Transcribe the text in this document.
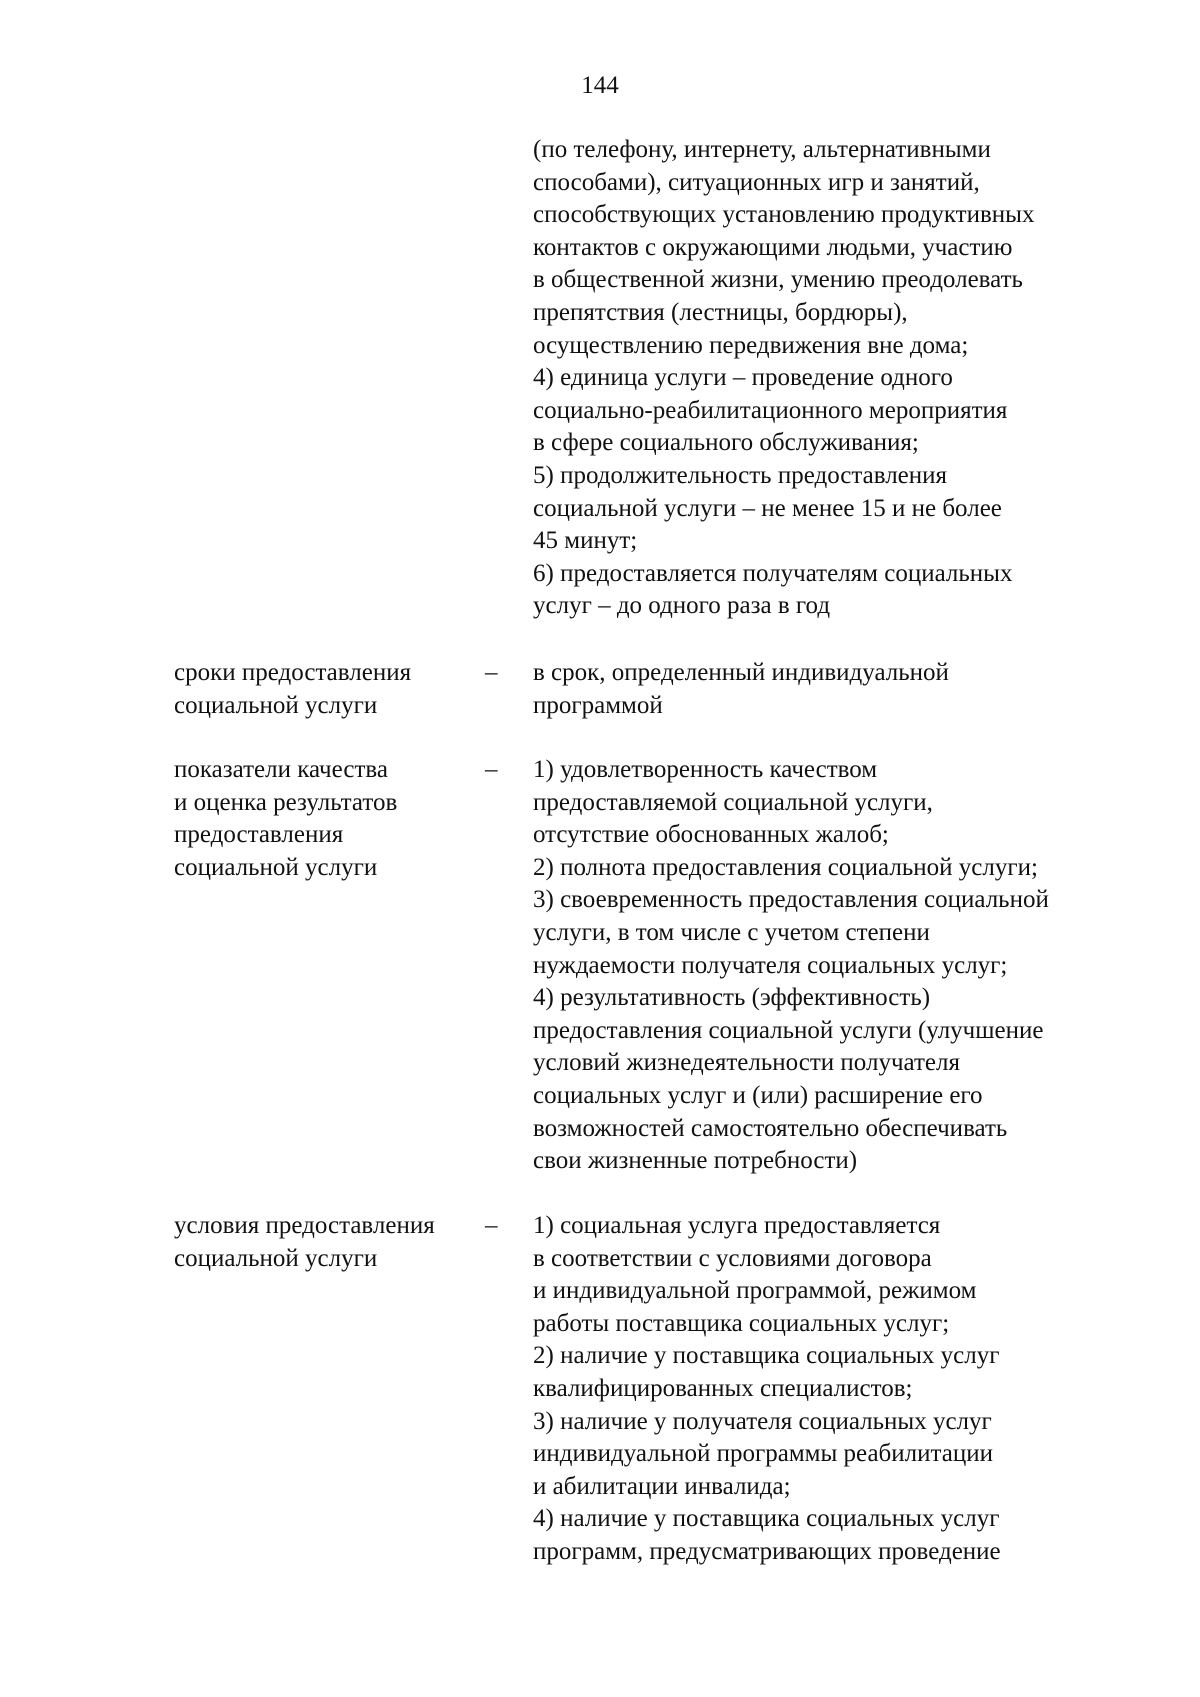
144
(по телефону, интернету, альтернативными
способами), ситуационных игр и занятий,
способствующих установлению продуктивных
контактов с окружающими людьми, участию
в общественной жизни, умению преодолевать
препятствия (лестницы, бордюры),
осуществлению передвижения вне дома;
4) единица услуги – проведение одного
социально-реабилитационного мероприятия
в сфере социального обслуживания;
5) продолжительность предоставления
социальной услуги – не менее 15 и не более
45 минут;
6) предоставляется получателям социальных
услуг – до одного раза в год
сроки предоставления
социальной услуги
– в срок, определенный индивидуальной
программой
показатели качества
и оценка результатов
предоставления
социальной услуги
– 1) удовлетворенность качеством
предоставляемой социальной услуги,
отсутствие обоснованных жалоб;
2) полнота предоставления социальной услуги;
3) своевременность предоставления социальной
услуги, в том числе с учетом степени
нуждаемости получателя социальных услуг;
4) результативность (эффективность)
предоставления социальной услуги (улучшение
условий жизнедеятельности получателя
социальных услуг и (или) расширение его
возможностей самостоятельно обеспечивать
свои жизненные потребности)
условия предоставления
социальной услуги
– 1) социальная услуга предоставляется
в соответствии с условиями договора
и индивидуальной программой, режимом
работы поставщика социальных услуг;
2) наличие у поставщика социальных услуг
квалифицированных специалистов;
3) наличие у получателя социальных услуг
индивидуальной программы реабилитации
и абилитации инвалида;
4) наличие у поставщика социальных услуг
программ, предусматривающих проведение
